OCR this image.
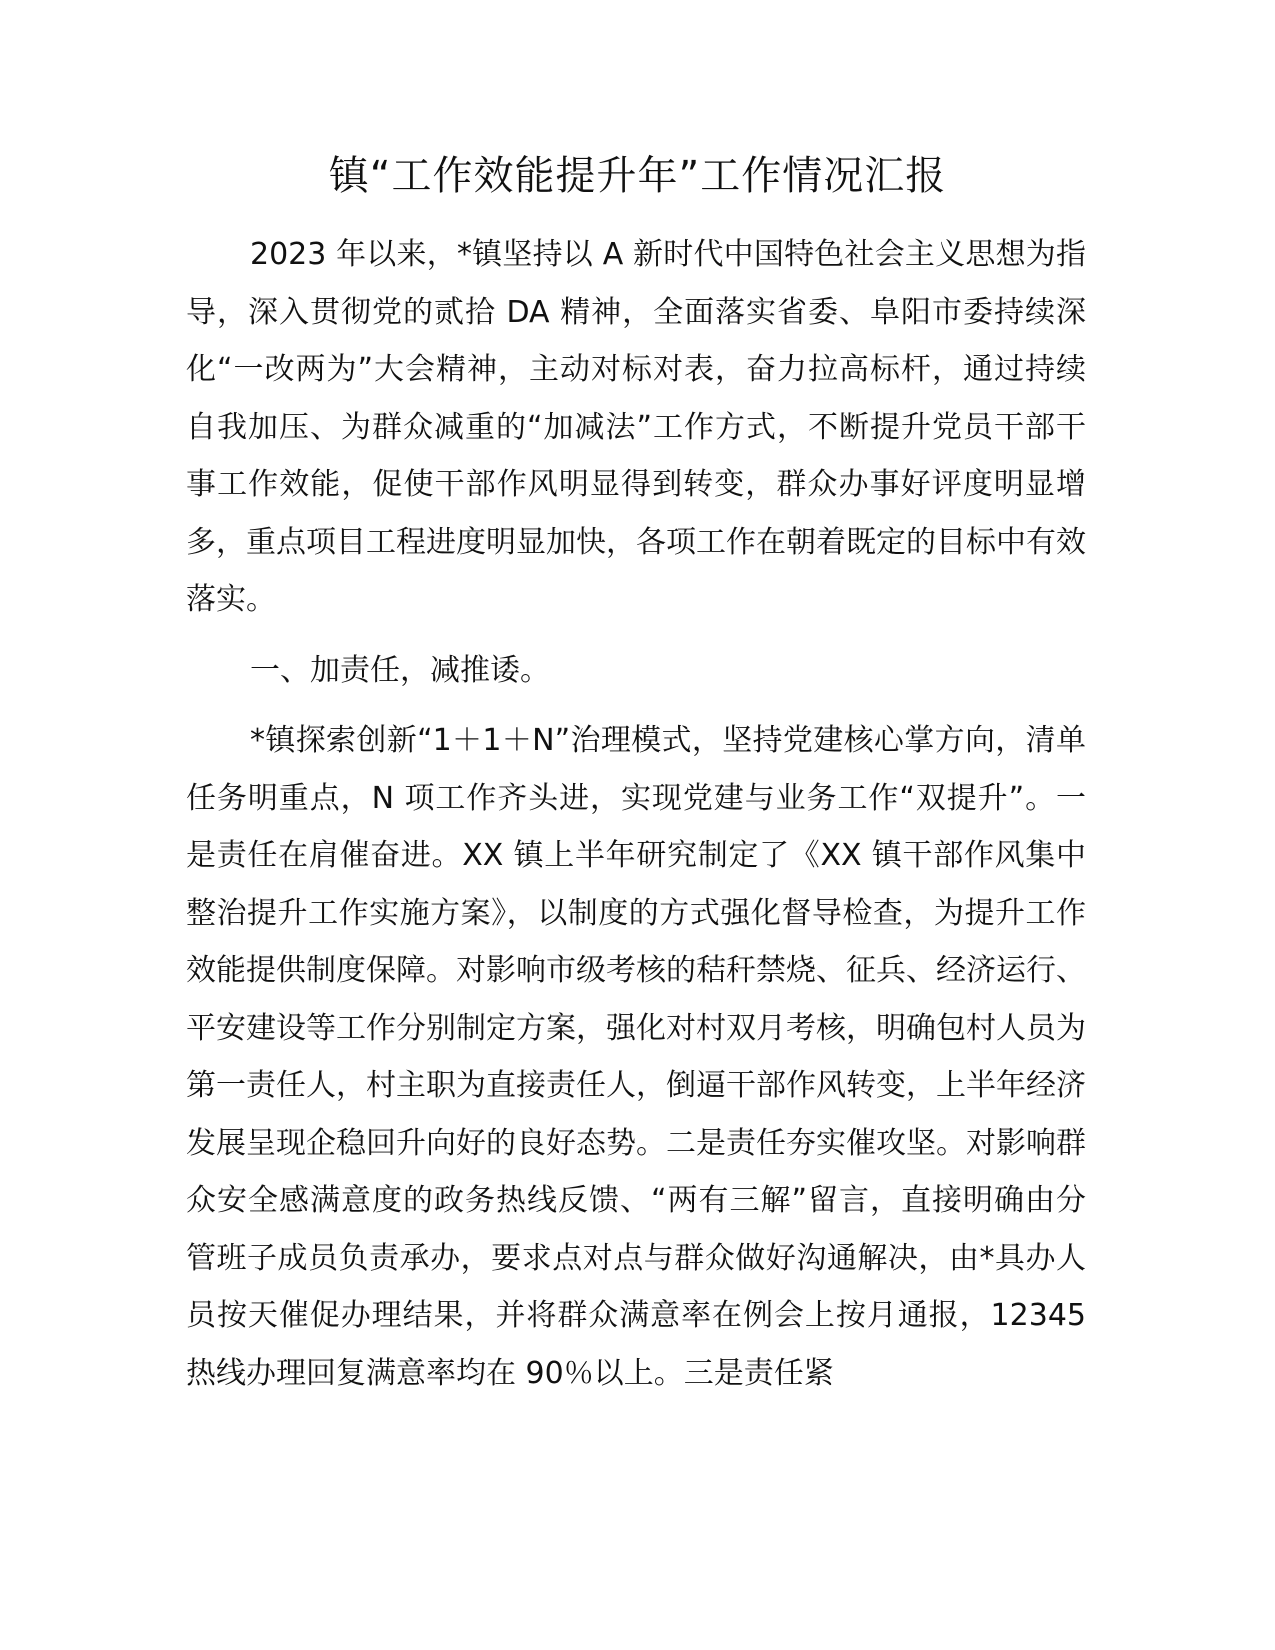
镇“工作效能提升年”工作情况汇报

2023 年以来，*镇坚持以 A 新时代中国特色社会主义思想为指导，深入贯彻党的贰拾 DA 精神，全面落实省委、阜阳市委持续深化“一改两为”大会精神，主动对标对表，奋力拉高标杆，通过持续自我加压、为群众减重的“加减法”工作方式，不断提升党员干部干事工作效能，促使干部作风明显得到转变，群众办事好评度明显增多，重点项目工程进度明显加快，各项工作在朝着既定的目标中有效落实。

一、加责任，减推诿。

*镇探索创新“1＋1＋N”治理模式，坚持党建核心掌方向，清单任务明重点，N 项工作齐头进，实现党建与业务工作“双提升”。一是责任在肩催奋进。XX 镇上半年研究制定了《XX 镇干部作风集中整治提升工作实施方案》，以制度的方式强化督导检查，为提升工作效能提供制度保障。对影响市级考核的秸秆禁烧、征兵、经济运行、平安建设等工作分别制定方案，强化对村双月考核，明确包村人员为第一责任人，村主职为直接责任人，倒逼干部作风转变，上半年经济发展呈现企稳回升向好的良好态势。二是责任夯实催攻坚。对影响群众安全感满意度的政务热线反馈、“两有三解”留言，直接明确由分管班子成员负责承办，要求点对点与群众做好沟通解决，由*具办人员按天催促办理结果，并将群众满意率在例会上按月通报，12345 热线办理回复满意率均在 90％以上。三是责任紧
